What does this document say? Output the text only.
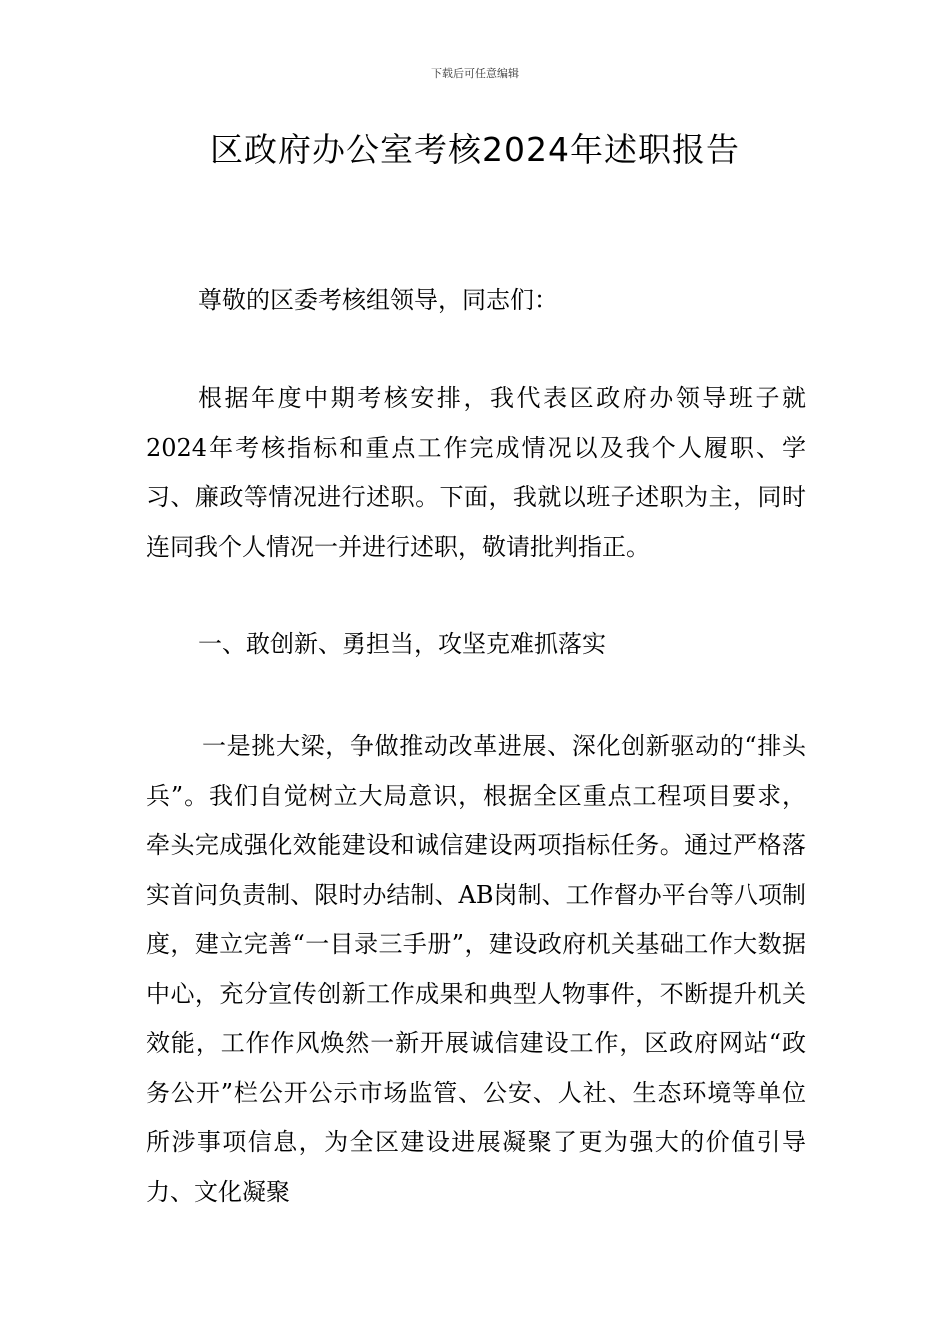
下载后可任意编辑
区政府办公室考核2024年述职报告

尊敬的区委考核组领导，同志们：

根据年度中期考核安排，我代表区政府办领导班子就2024年考核指标和重点工作完成情况以及我个人履职、学习、廉政等情况进行述职。下面，我就以班子述职为主，同时连同我个人情况一并进行述职，敬请批判指正。

一、敢创新、勇担当，攻坚克难抓落实

一是挑大梁，争做推动改革进展、深化创新驱动的“排头兵”。我们自觉树立大局意识，根据全区重点工程项目要求，牵头完成强化效能建设和诚信建设两项指标任务。通过严格落实首问负责制、限时办结制、AB岗制、工作督办平台等八项制度，建立完善“一目录三手册”，建设政府机关基础工作大数据中心，充分宣传创新工作成果和典型人物事件，不断提升机关效能，工作作风焕然一新开展诚信建设工作，区政府网站“政务公开”栏公开公示市场监管、公安、人社、生态环境等单位所涉事项信息，为全区建设进展凝聚了更为强大的价值引导力、文化凝聚
